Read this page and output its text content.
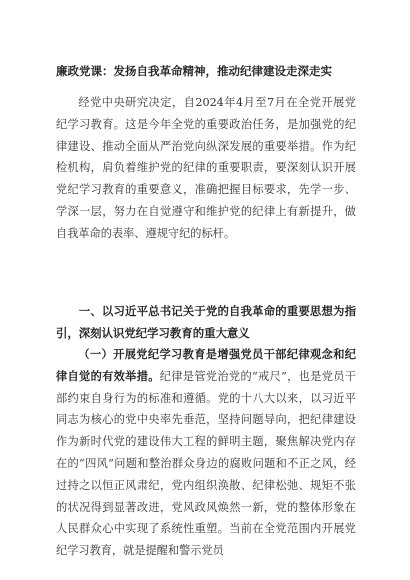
廉政党课：发扬自我革命精神，推动纪律建设走深走实

经党中央研究决定，自2024年4月至7月在全党开展党纪学习教育。这是今年全党的重要政治任务，是加强党的纪律建设、推动全面从严治党向纵深发展的重要举措。作为纪检机构，肩负着维护党的纪律的重要职责，要深刻认识开展党纪学习教育的重要意义，准确把握目标要求，先学一步、学深一层，努力在自觉遵守和维护党的纪律上有新提升，做自我革命的表率、遵规守纪的标杆。

一、以习近平总书记关于党的自我革命的重要思想为指引，深刻认识党纪学习教育的重大意义

（一）开展党纪学习教育是增强党员干部纪律观念和纪律自觉的有效举措。纪律是管党治党的“戒尺”，也是党员干部约束自身行为的标准和遵循。党的十八大以来，以习近平同志为核心的党中央率先垂范，坚持问题导向，把纪律建设作为新时代党的建设伟大工程的鲜明主题，聚焦解决党内存在的“四风”问题和整治群众身边的腐败问题和不正之风，经过持之以恒正风肃纪，党内组织涣散、纪律松弛、规矩不张的状况得到显著改进，党风政风焕然一新，党的整体形象在人民群众心中实现了系统性重塑。当前在全党范围内开展党纪学习教育，就是提醒和警示党员
